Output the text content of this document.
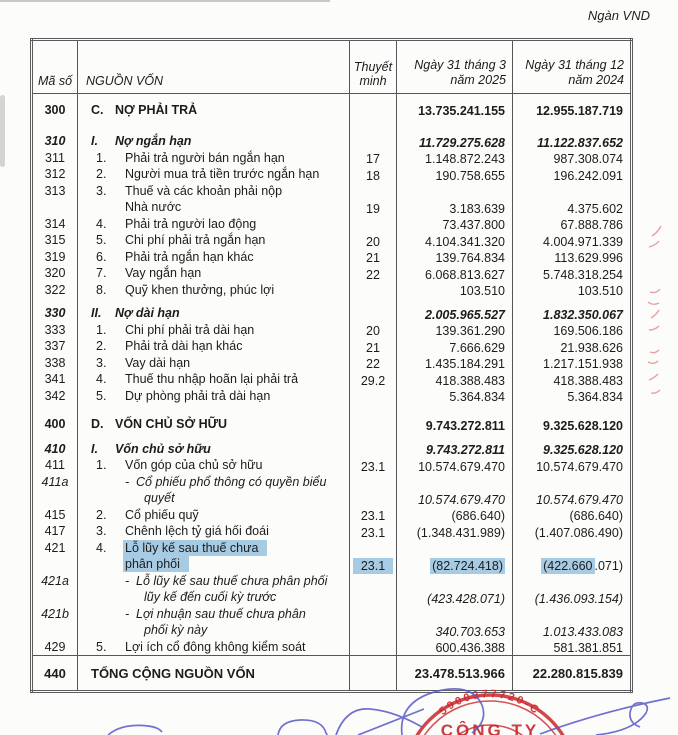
Ngàn VND
Mã số	NGUỒN VỐN	
Thuyết
minh

Ngày 31 tháng 3
năm 2025

Ngày 31 tháng 12
năm 2024

300	C. NỢ PHẢI TRẢ		13.735.241.155	12.955.187.719

310	I. Nợ ngắn hạn		11.729.275.628	11.122.837.652

311	1. Phải trả người bán ngắn hạn	17	1.148.872.243	987.308.074

312	2. Người mua trả tiền trước ngắn hạn	18	190.758.655	196.242.091

313	3. Thuế và các khoản phải nộp
Nhà nước	19	3.183.639	4.375.602

314	4. Phải trả người lao động		73.437.800	67.888.786

315	5. Chi phí phải trả ngắn hạn	20	4.104.341.320	4.004.971.339

319	6. Phải trả ngắn hạn khác	21	139.764.834	113.629.996

320	7. Vay ngắn hạn	22	6.068.813.627	5.748.318.254

322	8. Quỹ khen thưởng, phúc lợi		103.510	103.510

330	II. Nợ dài hạn		2.005.965.527	1.832.350.067

333	1. Chi phí phải trả dài hạn	20	139.361.290	169.506.186

337	2. Phải trả dài hạn khác	21	7.666.629	21.938.626

338	3. Vay dài hạn	22	1.435.184.291	1.217.151.938

341	4. Thuế thu nhập hoãn lại phải trả	29.2	418.388.483	418.388.483

342	5. Dự phòng phải trả dài hạn		5.364.834	5.364.834

400	D. VỐN CHỦ SỞ HỮU		9.743.272.811	9.325.628.120

410	I. Vốn chủ sở hữu		9.743.272.811	9.325.628.120

411	1. Vốn góp của chủ sở hữu	23.1	10.574.679.470	10.574.679.470

411a	- Cổ phiếu phổ thông có quyền biểu
quyết		10.574.679.470	10.574.679.470

415	2. Cổ phiếu quỹ	23.1	(686.640)	(686.640)

417	3. Chênh lệch tỷ giá hối đoái	23.1	(1.348.431.989)	(1.407.086.490)

421	4. Lỗ lũy kế sau thuế chưa
phân phối	23.1	(82.724.418)	(422.660 .071)

421a	- Lỗ lũy kế sau thuế chưa phân phối
lũy kế đến cuối kỳ trước		(423.428.071)	(1.436.093.154)

421b	- Lợi nhuận sau thuế chưa phân
phối kỳ này		340.703.653	1.013.433.083

429	5. Lợi ích cổ đông không kiểm soát		600.436.388	581.381.851
440	TỔNG CỘNG NGUỒN VỐN		23.478.513.966	22.280.815.839
5900377720-C
CÔNG TY
